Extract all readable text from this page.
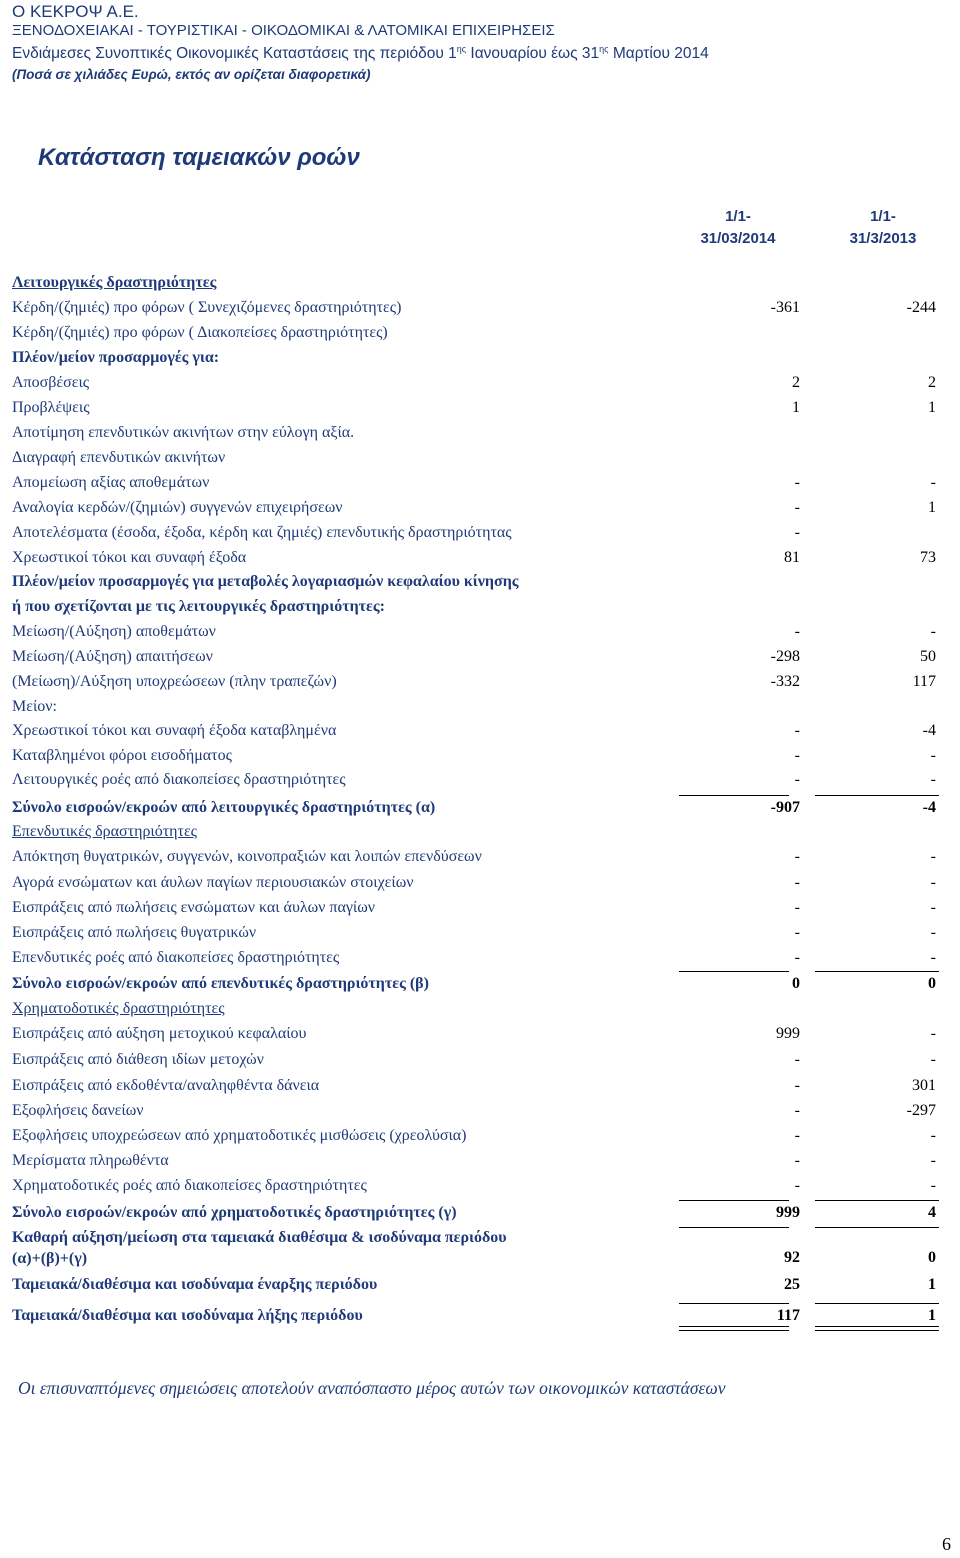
Ο ΚΕΚΡΟΨ Α.Ε.
ΞΕΝΟΔΟΧΕΙΑΚΑΙ - ΤΟΥΡΙΣΤΙΚΑΙ - ΟΙΚΟΔΟΜΙΚΑΙ & ΛΑΤΟΜΙΚΑΙ ΕΠΙΧΕΙΡΗΣΕΙΣ
Ενδιάμεσες Συνοπτικές Οικονομικές Καταστάσεις της περιόδου $1^{\eta\varsigma}$ Ιανουαρίου έως $31^{\eta\varsigma}$ Μαρτίου 2014
(Ποσά σε χιλιάδες Ευρώ, εκτός αν ορίζεται διαφορετικά)
Κατάσταση ταμειακών ροών
1/1-
31/03/2014
1/1-
31/3/2013
Λειτουργικές δραστηριότητες
Κέρδη/(ζημιές) προ φόρων ( Συνεχιζόμενες δραστηριότητες)	-361	-244
Κέρδη/(ζημιές) προ φόρων ( Διακοπείσες δραστηριότητες)
Πλέον/μείον προσαρμογές για:
Αποσβέσεις	2	2
Προβλέψεις	1	1
Αποτίμηση επενδυτικών ακινήτων στην εύλογη αξία.
Διαγραφή επενδυτικών ακινήτων
Απομείωση αξίας αποθεμάτων	-	-
Αναλογία κερδών/(ζημιών) συγγενών επιχειρήσεων	-	1
Αποτελέσματα (έσοδα, έξοδα, κέρδη και ζημιές) επενδυτικής δραστηριότητας	-
Χρεωστικοί τόκοι και συναφή έξοδα	81	73
Πλέον/μείον προσαρμογές για μεταβολές λογαριασμών κεφαλαίου κίνησης
ή που σχετίζονται με τις λειτουργικές δραστηριότητες:
Μείωση/(Αύξηση) αποθεμάτων	-	-
Μείωση/(Αύξηση) απαιτήσεων	-298	50
(Μείωση)/Αύξηση υποχρεώσεων (πλην τραπεζών)	-332	117
Μείον:
Χρεωστικοί τόκοι και συναφή έξοδα καταβλημένα	-	-4
Καταβλημένοι φόροι εισοδήματος	-	-
Λειτουργικές ροές από διακοπείσες δραστηριότητες	-	-
Σύνολο εισροών/εκροών από λειτουργικές δραστηριότητες (α)	-907	-4
Επενδυτικές δραστηριότητες
Απόκτηση θυγατρικών, συγγενών, κοινοπραξιών και λοιπών επενδύσεων	-	-
Αγορά ενσώματων και άυλων παγίων περιουσιακών στοιχείων	-	-
Εισπράξεις από πωλήσεις ενσώματων και άυλων παγίων	-	-
Εισπράξεις από πωλήσεις θυγατρικών	-	-
Επενδυτικές ροές από διακοπείσες δραστηριότητες	-	-
Σύνολο εισροών/εκροών από επενδυτικές δραστηριότητες (β)	0	0
Χρηματοδοτικές δραστηριότητες
Εισπράξεις από αύξηση μετοχικού κεφαλαίου	999	-
Εισπράξεις από διάθεση ιδίων μετοχών	-	-
Εισπράξεις από εκδοθέντα/αναληφθέντα δάνεια	-	301
Εξοφλήσεις δανείων	-	-297
Εξοφλήσεις υποχρεώσεων από χρηματοδοτικές μισθώσεις (χρεολύσια)	-	-
Μερίσματα πληρωθέντα	-	-
Χρηματοδοτικές ροές από διακοπείσες δραστηριότητες	-	-
Σύνολο εισροών/εκροών από χρηματοδοτικές δραστηριότητες (γ)	999	4
Καθαρή αύξηση/μείωση στα ταμειακά διαθέσιμα & ισοδύναμα περιόδου
(α)+(β)+(γ)	92	0
Ταμειακά/διαθέσιμα και ισοδύναμα έναρξης περιόδου	25	1
Ταμειακά/διαθέσιμα και ισοδύναμα λήξης περιόδου	117	1
Οι επισυναπτόμενες σημειώσεις αποτελούν αναπόσπαστο μέρος αυτών των οικονομικών καταστάσεων
6
